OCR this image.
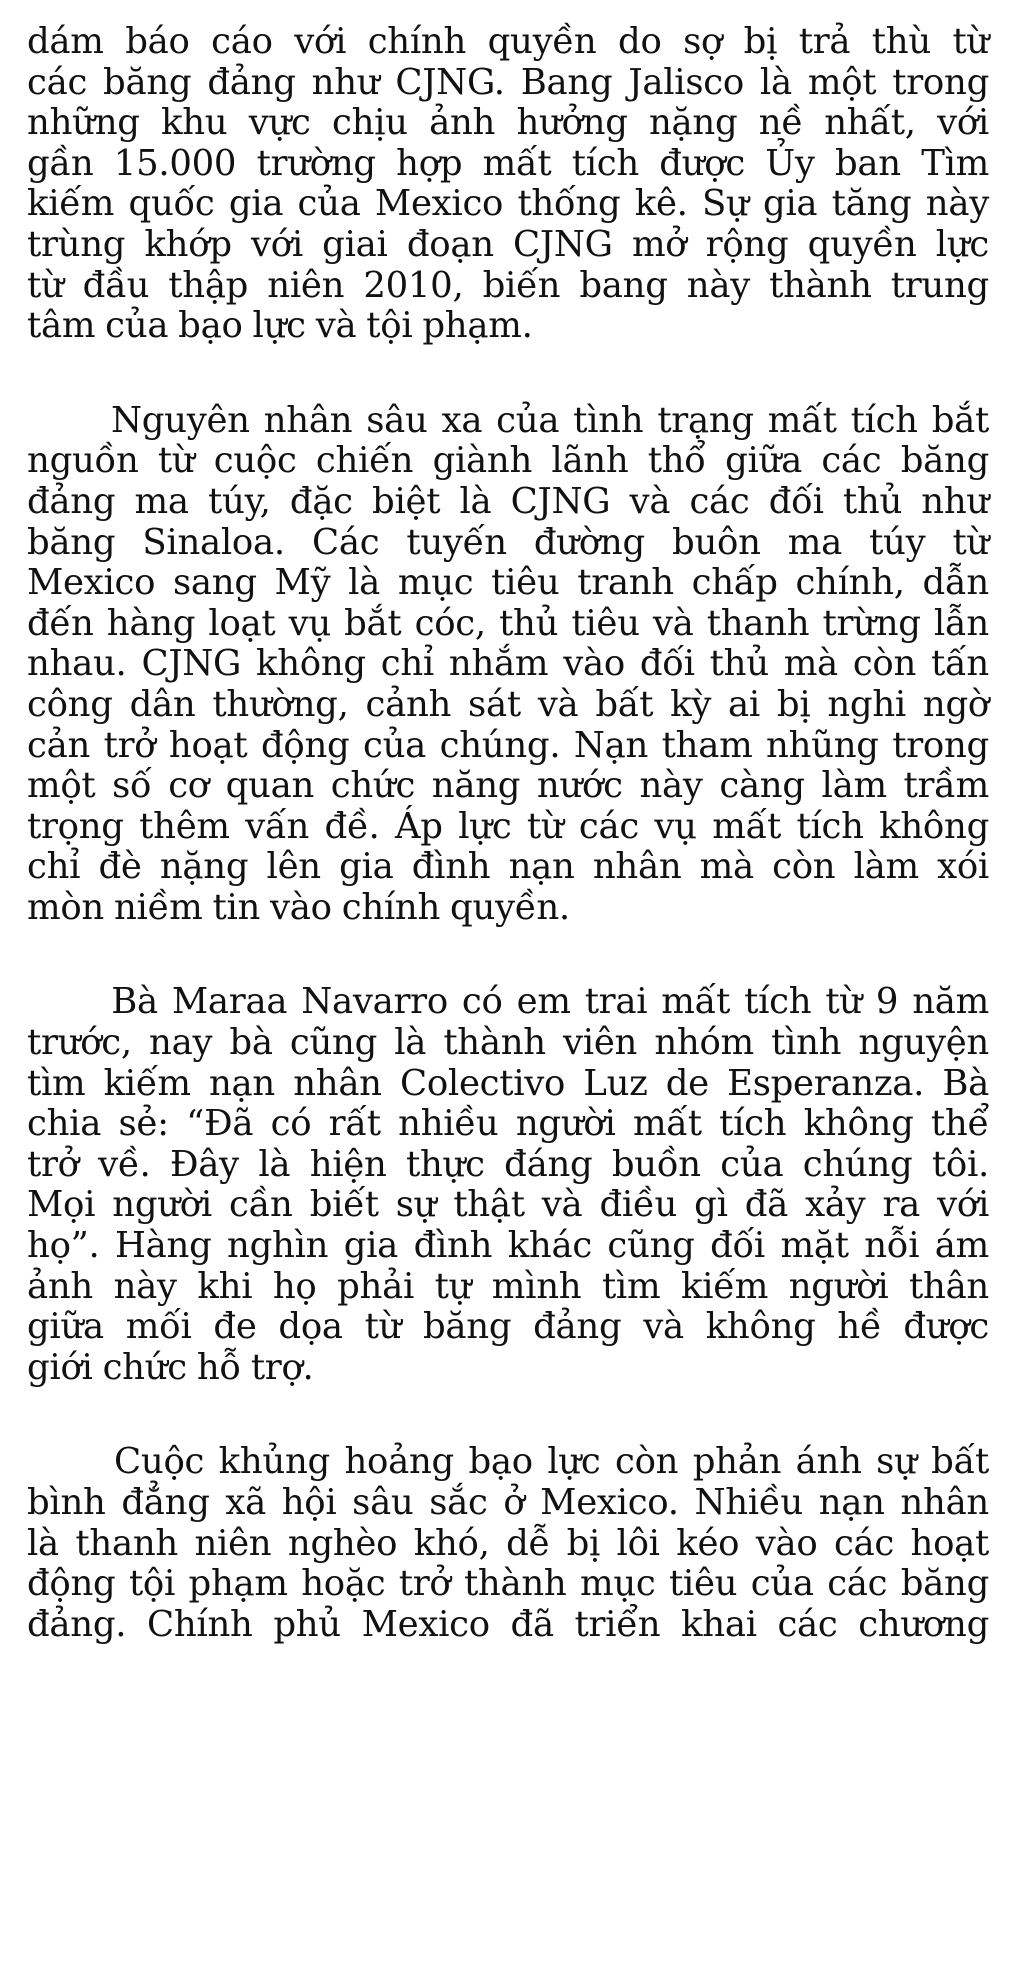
dám báo cáo với chính quyền do sợ bị trả thù từ
các băng đảng như CJNG. Bang Jalisco là một trong
những khu vực chịu ảnh hưởng nặng nề nhất, với
gần 15.000 trường hợp mất tích được Ủy ban Tìm
kiếm quốc gia của Mexico thống kê. Sự gia tăng này
trùng khớp với giai đoạn CJNG mở rộng quyền lực
từ đầu thập niên 2010, biến bang này thành trung
tâm của bạo lực và tội phạm.
Nguyên nhân sâu xa của tình trạng mất tích bắt
nguồn từ cuộc chiến giành lãnh thổ giữa các băng
đảng ma túy, đặc biệt là CJNG và các đối thủ như
băng Sinaloa. Các tuyến đường buôn ma túy từ
Mexico sang Mỹ là mục tiêu tranh chấp chính, dẫn
đến hàng loạt vụ bắt cóc, thủ tiêu và thanh trừng lẫn
nhau. CJNG không chỉ nhắm vào đối thủ mà còn tấn
công dân thường, cảnh sát và bất kỳ ai bị nghi ngờ
cản trở hoạt động của chúng. Nạn tham nhũng trong
một số cơ quan chức năng nước này càng làm trầm
trọng thêm vấn đề. Áp lực từ các vụ mất tích không
chỉ đè nặng lên gia đình nạn nhân mà còn làm xói
mòn niềm tin vào chính quyền.
Bà Maraa Navarro có em trai mất tích từ 9 năm
trước, nay bà cũng là thành viên nhóm tình nguyện
tìm kiếm nạn nhân Colectivo Luz de Esperanza. Bà
chia sẻ: “Đã có rất nhiều người mất tích không thể
trở về. Đây là hiện thực đáng buồn của chúng tôi.
Mọi người cần biết sự thật và điều gì đã xảy ra với
họ”. Hàng nghìn gia đình khác cũng đối mặt nỗi ám
ảnh này khi họ phải tự mình tìm kiếm người thân
giữa mối đe dọa từ băng đảng và không hề được
giới chức hỗ trợ.
Cuộc khủng hoảng bạo lực còn phản ánh sự bất
bình đẳng xã hội sâu sắc ở Mexico. Nhiều nạn nhân
là thanh niên nghèo khó, dễ bị lôi kéo vào các hoạt
động tội phạm hoặc trở thành mục tiêu của các băng
đảng. Chính phủ Mexico đã triển khai các chương
